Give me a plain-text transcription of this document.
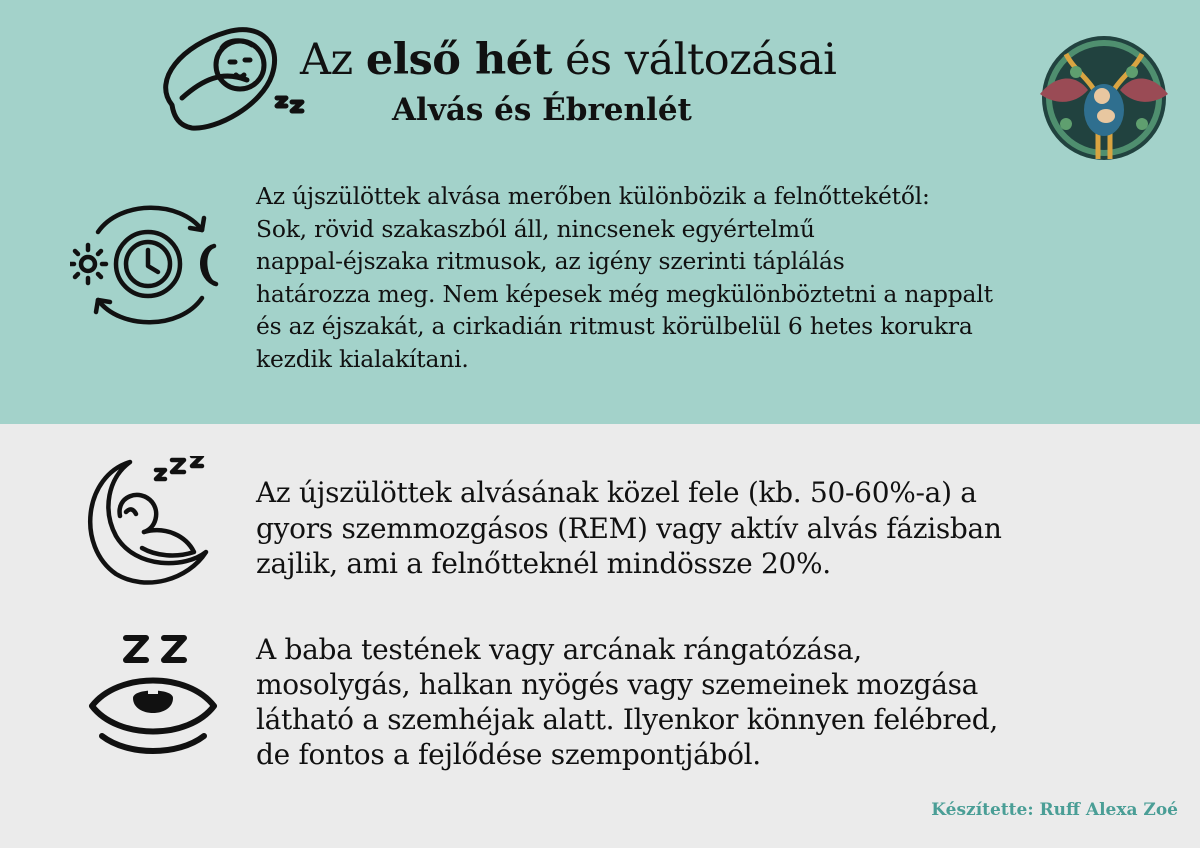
Az első hét és változásai
Alvás és Ébrenlét
Az újszülöttek alvása merőben különbözik a felnőttekétől:
Sok, rövid szakaszból áll, nincsenek egyértelmű
nappal-éjszaka ritmusok, az igény szerinti táplálás
határozza meg. Nem képesek még megkülönböztetni a nappalt
és az éjszakát, a cirkadián ritmust körülbelül 6 hetes korukra
kezdik kialakítani.
Az újszülöttek alvásának közel fele (kb. 50-60%-a) a
gyors szemmozgásos (REM) vagy aktív alvás fázisban
zajlik, ami a felnőtteknél mindössze 20%.
A baba testének vagy arcának rángatózása,
mosolygás, halkan nyögés vagy szemeinek mozgása
látható a szemhéjak alatt. Ilyenkor könnyen felébred,
de fontos a fejlődése szempontjából.
Készítette: Ruff Alexa Zoé
